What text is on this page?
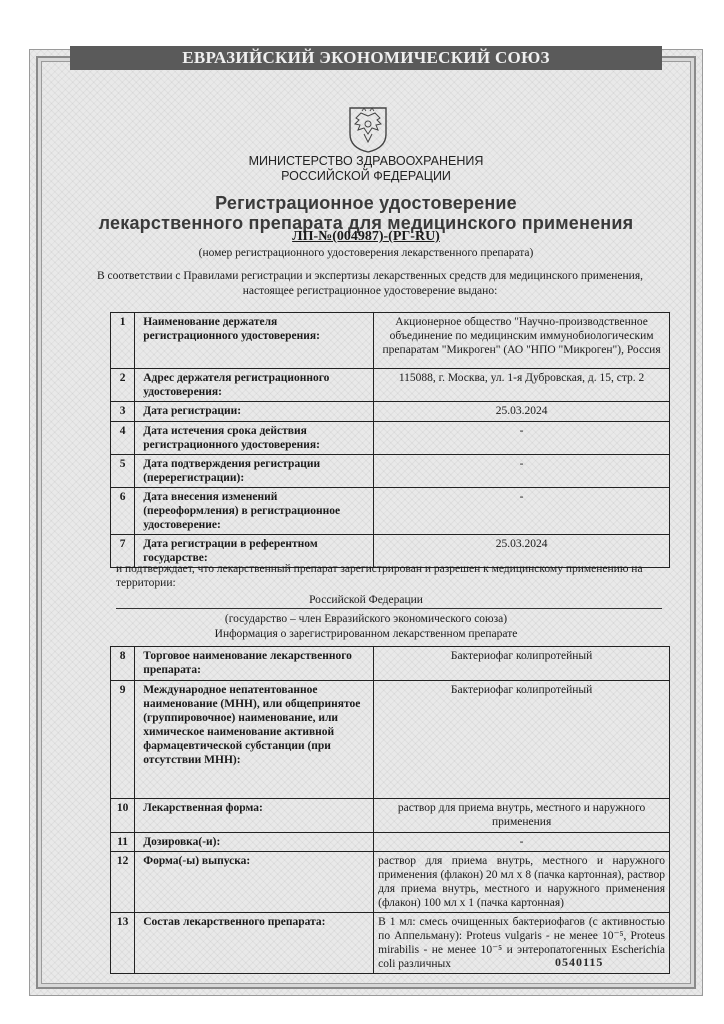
ЕВРАЗИЙСКИЙ ЭКОНОМИЧЕСКИЙ СОЮЗ
МИНИСТЕРСТВО ЗДРАВООХРАНЕНИЯ
РОССИЙСКОЙ ФЕДЕРАЦИИ
Регистрационное удостоверение
лекарственного препарата для медицинского применения
ЛП-№(004987)-(РГ-RU)
(номер регистрационного удостоверения лекарственного препарата)
В соответствии с Правилами регистрации и экспертизы лекарственных средств для медицинского применения, настоящее регистрационное удостоверение выдано:
1	Наименование держателя регистрационного удостоверения:	Акционерное общество "Научно-производственное объединение по медицинским иммунобиологическим препаратам "Микроген" (АО "НПО "Микроген"), Россия
2	Адрес держателя регистрационного удостоверения:	115088, г. Москва, ул. 1-я Дубровская, д. 15, стр. 2
3	Дата регистрации:	25.03.2024
4	Дата истечения срока действия регистрационного удостоверения:	-
5	Дата подтверждения регистрации (перерегистрации):	-
6	Дата внесения изменений (переоформления) в регистрационное удостоверение:	-
7	Дата регистрации в референтном государстве:	25.03.2024
и подтверждает, что лекарственный препарат зарегистрирован и разрешен к медицинскому применению на территории:
Российской Федерации
(государство – член Евразийского экономического союза)
Информация о зарегистрированном лекарственном препарате
8	Торговое наименование лекарственного препарата:	Бактериофаг колипротейный
9	Международное непатентованное наименование (МНН), или общепринятое (группировочное) наименование, или химическое наименование активной фармацевтической субстанции (при отсутствии МНН):	Бактериофаг колипротейный
10	Лекарственная форма:	раствор для приема внутрь, местного и наружного применения
11	Дозировка(-и):	-
12	Форма(-ы) выпуска:	раствор для приема внутрь, местного и наружного применения (флакон) 20 мл х 8 (пачка картонная), раствор для приема внутрь, местного и наружного применения (флакон) 100 мл х 1 (пачка картонная)
13	Состав лекарственного препарата:	В 1 мл: смесь очищенных бактериофагов (с активностью по Аппельману): Proteus vulgaris - не менее 10⁻⁵, Proteus mirabilis - не менее 10⁻⁵ и энтеропатогенных Escherichia coli различных	0540115
